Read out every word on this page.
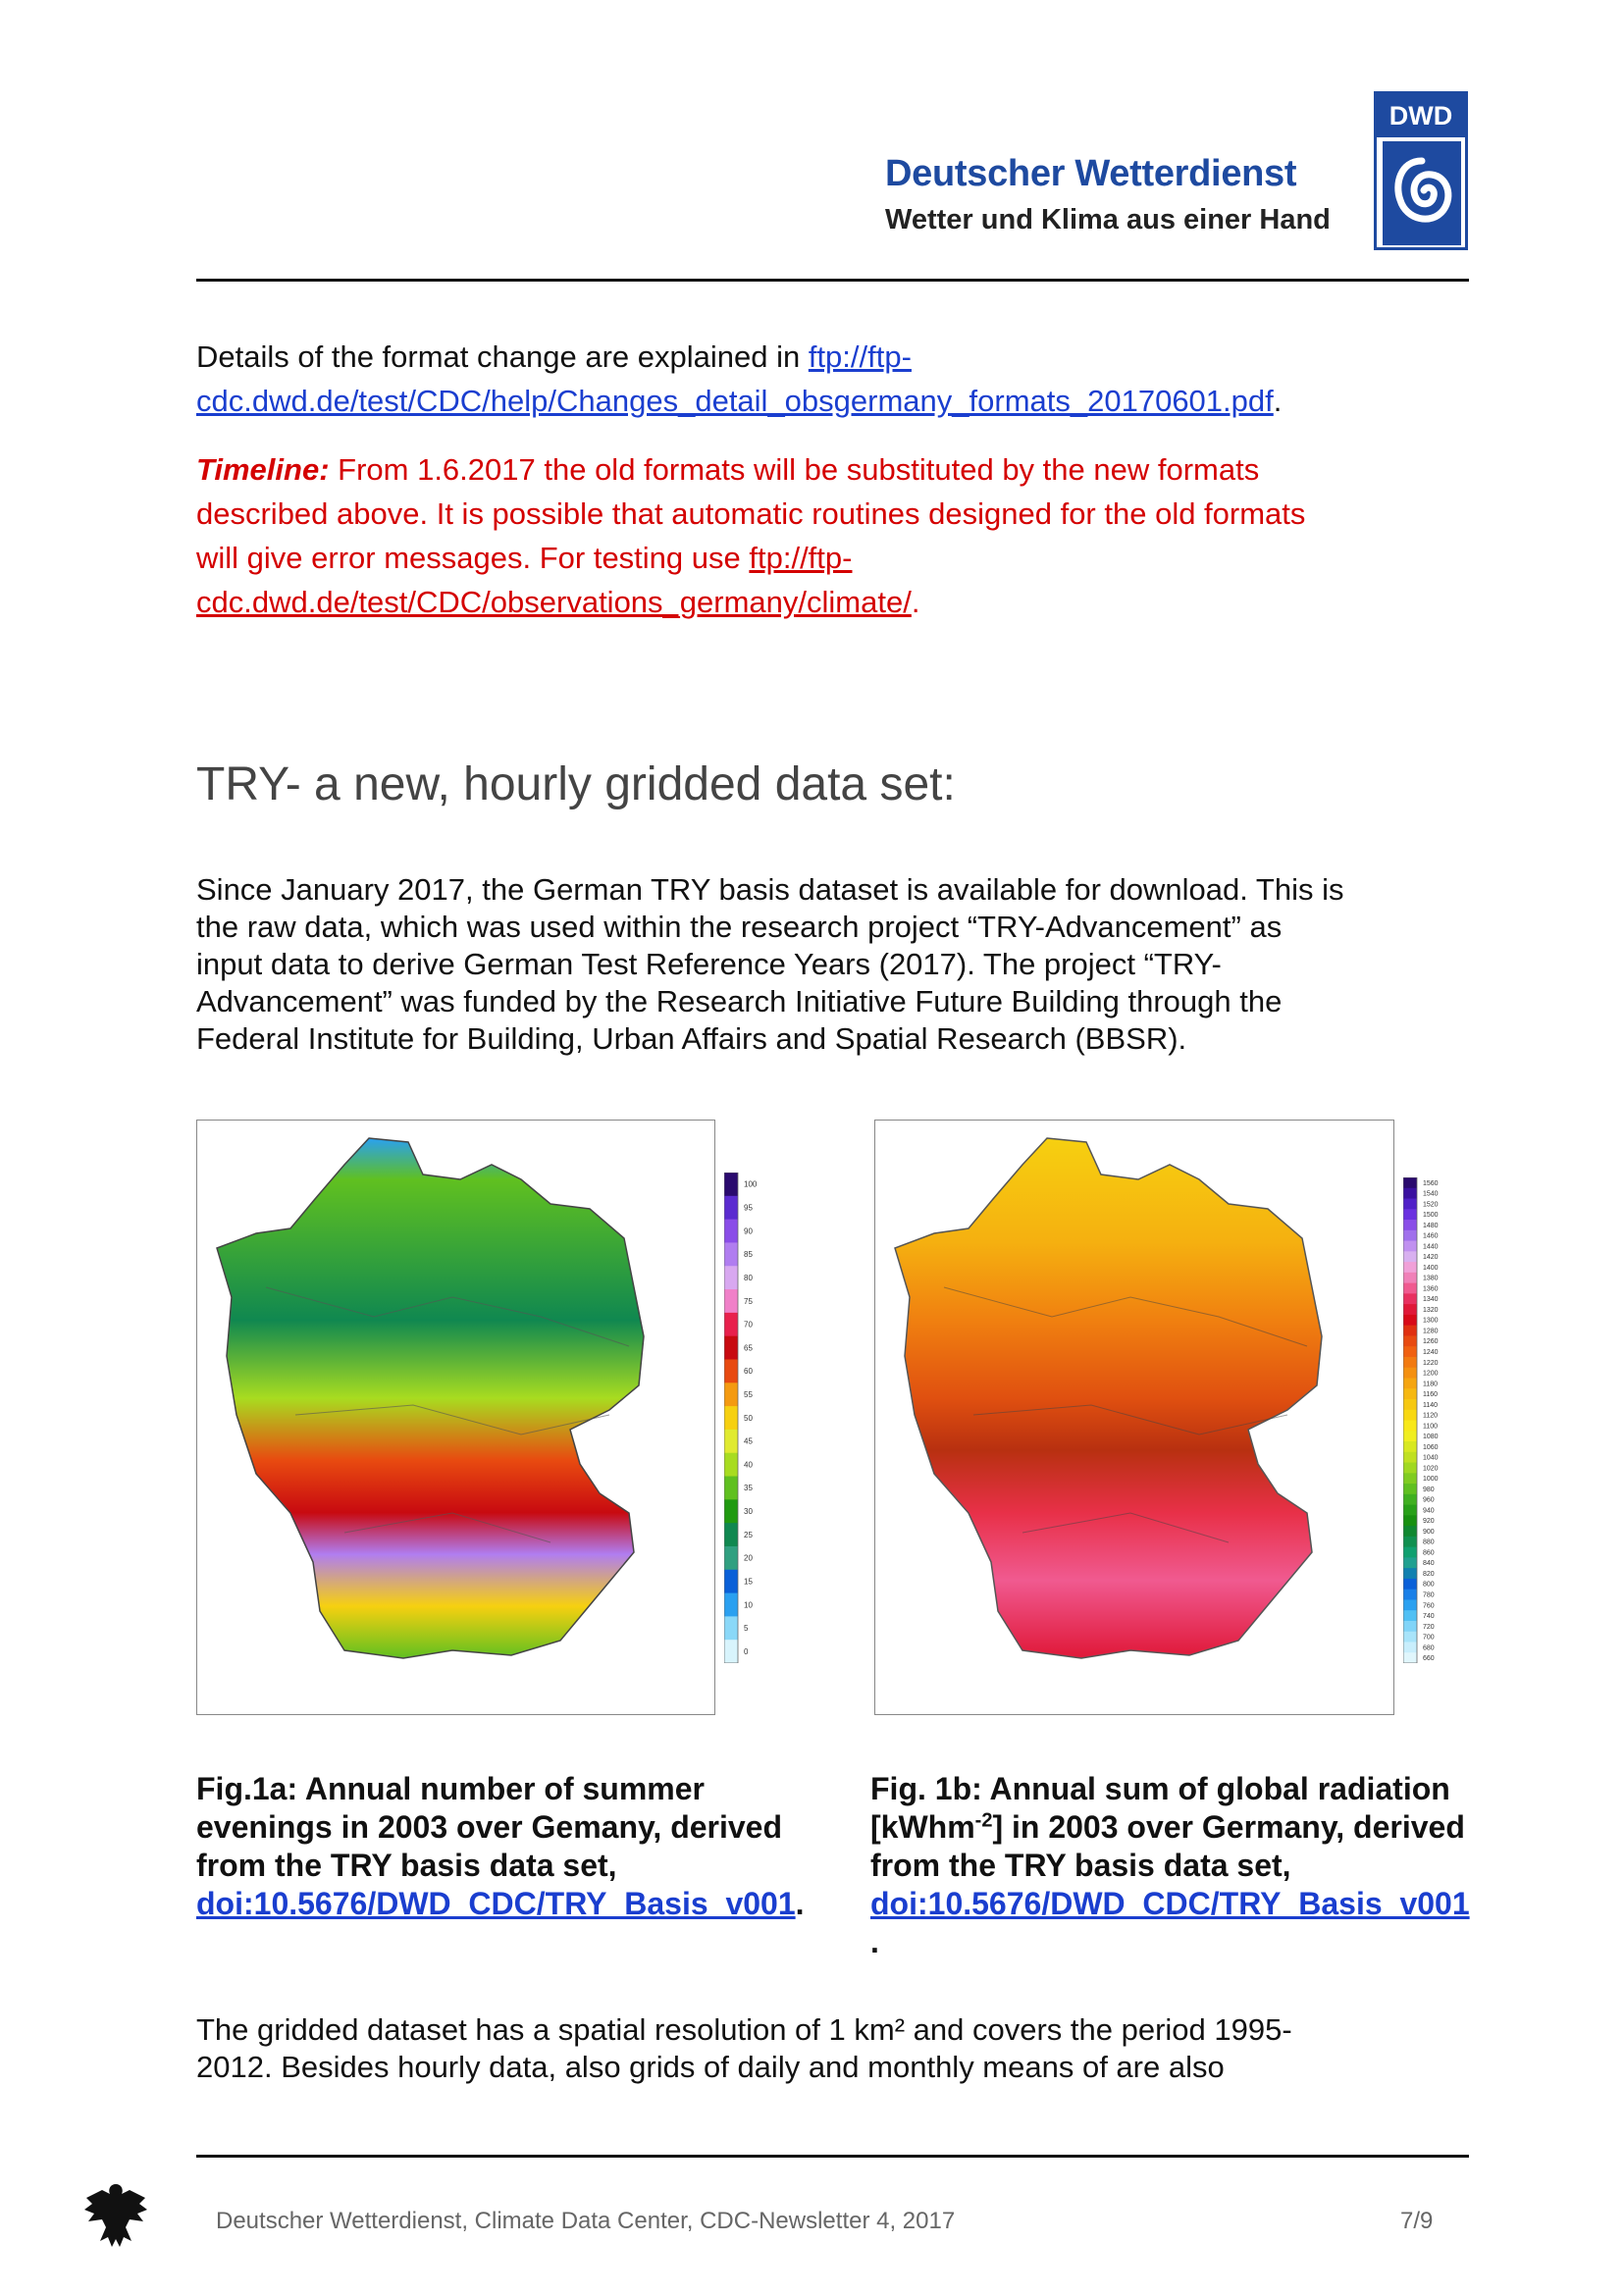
Deutscher Wetterdienst
Wetter und Klima aus einer Hand
DWD
Details of the format change are explained in ftp://ftp-
cdc.dwd.de/test/CDC/help/Changes_detail_obsgermany_formats_20170601.pdf.
Timeline: From 1.6.2017 the old formats will be substituted by the new formats
described above. It is possible that automatic routines designed for the old formats
will give error messages. For testing use ftp://ftp-
cdc.dwd.de/test/CDC/observations_germany/climate/.
TRY- a new, hourly gridded data set:
Since January 2017, the German TRY basis dataset is available for download. This is
the raw data, which was used within the research project “TRY-Advancement” as
input data to derive German Test Reference Years (2017). The project “TRY-
Advancement” was funded by the Research Initiative Future Building through the
Federal Institute for Building, Urban Affairs and Spatial Research (BBSR).
100
95
90
85
80
75
70
65
60
55
50
45
40
35
30
25
20
15
10
5
0
1560
1540
1520
1500
1480
1460
1440
1420
1400
1380
1360
1340
1320
1300
1280
1260
1240
1220
1200
1180
1160
1140
1120
1100
1080
1060
1040
1020
1000
980
960
940
920
900
880
860
840
820
800
780
760
740
720
700
680
660
Fig.1a: Annual number of summer
evenings in 2003 over Gemany, derived
from the TRY basis data set,
doi:10.5676/DWD_CDC/TRY_Basis_v001.
Fig. 1b: Annual sum of global radiation
[kWhm$^{-2}$] in 2003 over Germany, derived
from the TRY basis data set,
doi:10.5676/DWD_CDC/TRY_Basis_v001
.
The gridded dataset has a spatial resolution of 1 km² and covers the period 1995-
2012. Besides hourly data, also grids of daily and monthly means of are also
Deutscher Wetterdienst, Climate Data Center, CDC-Newsletter 4, 2017	7/9
